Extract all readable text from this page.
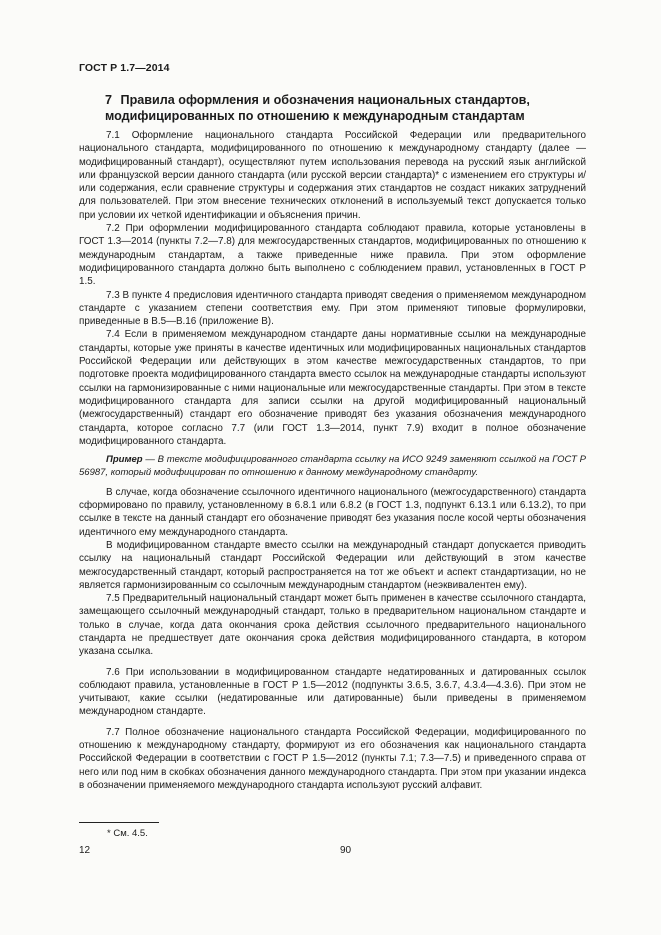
ГОСТ Р 1.7—2014
7 Правила оформления и обозначения национальных стандартов,
модифицированных по отношению к международным стандартам

7.1 Оформление национального стандарта Российской Федерации или предварительного национального стандарта, модифицированного по отношению к международному стандарту (далее — модифицированный стандарт), осуществляют путем использования перевода на русский язык английской или французской версии данного стандарта (или русской версии стандарта)* с изменением его структуры и/или содержания, если сравнение структуры и содержания этих стандартов не создаст никаких затруднений для пользователей. При этом внесение технических отклонений в используемый текст допускается только при условии их четкой идентификации и объяснения причин.

7.2 При оформлении модифицированного стандарта соблюдают правила, которые установлены в ГОСТ 1.3—2014 (пункты 7.2—7.8) для межгосударственных стандартов, модифицированных по отношению к международным стандартам, а также приведенные ниже правила. При этом оформление модифицированного стандарта должно быть выполнено с соблюдением правил, установленных в ГОСТ Р 1.5.

7.3 В пункте 4 предисловия идентичного стандарта приводят сведения о применяемом международном стандарте с указанием степени соответствия ему. При этом применяют типовые формулировки, приведенные в В.5—В.16 (приложение В).

7.4 Если в применяемом международном стандарте даны нормативные ссылки на международные стандарты, которые уже приняты в качестве идентичных или модифицированных национальных стандартов Российской Федерации или действующих в этом качестве межгосударственных стандартов, то при подготовке проекта модифицированного стандарта вместо ссылок на международные стандарты используют ссылки на гармонизированные с ними национальные или межгосударственные стандарты. При этом в тексте модифицированного стандарта для записи ссылки на другой модифицированный национальный (межгосударственный) стандарт его обозначение приводят без указания обозначения международного стандарта, которое согласно 7.7 (или ГОСТ 1.3—2014, пункт 7.9) входит в полное обозначение модифицированного стандарта.

Пример — В тексте модифицированного стандарта ссылку на ИСО 9249 заменяют ссылкой на ГОСТ Р 56987, который модифицирован по отношению к данному международному стандарту.

В случае, когда обозначение ссылочного идентичного национального (межгосударственного) стандарта сформировано по правилу, установленному в 6.8.1 или 6.8.2 (в ГОСТ 1.3, подпункт 6.13.1 или 6.13.2), то при ссылке в тексте на данный стандарт его обозначение приводят без указания после косой черты обозначения идентичного ему международного стандарта.

В модифицированном стандарте вместо ссылки на международный стандарт допускается приводить ссылку на национальный стандарт Российской Федерации или действующий в этом качестве межгосударственный стандарт, который распространяется на тот же объект и аспект стандартизации, но не является гармонизированным со ссылочным международным стандартом (неэквивалентен ему).

7.5 Предварительный национальный стандарт может быть применен в качестве ссылочного стандарта, замещающего ссылочный международный стандарт, только в предварительном национальном стандарте и только в случае, когда дата окончания срока действия ссылочного предварительного национального стандарта не предшествует дате окончания срока действия модифицированного стандарта, в котором указана ссылка.

7.6 При использовании в модифицированном стандарте недатированных и датированных ссылок соблюдают правила, установленные в ГОСТ Р 1.5—2012 (подпункты 3.6.5, 3.6.7, 4.3.4—4.3.6). При этом не учитывают, какие ссылки (недатированные или датированные) были приведены в применяемом международном стандарте.

7.7 Полное обозначение национального стандарта Российской Федерации, модифицированного по отношению к международному стандарту, формируют из его обозначения как национального стандарта Российской Федерации в соответствии с ГОСТ Р 1.5—2012 (пункты 7.1; 7.3—7.5) и приведенного справа от него или под ним в скобках обозначения данного международного стандарта. При этом при указании индекса в обозначении применяемого международного стандарта используют русский алфавит.

* См. 4.5.
12	90
